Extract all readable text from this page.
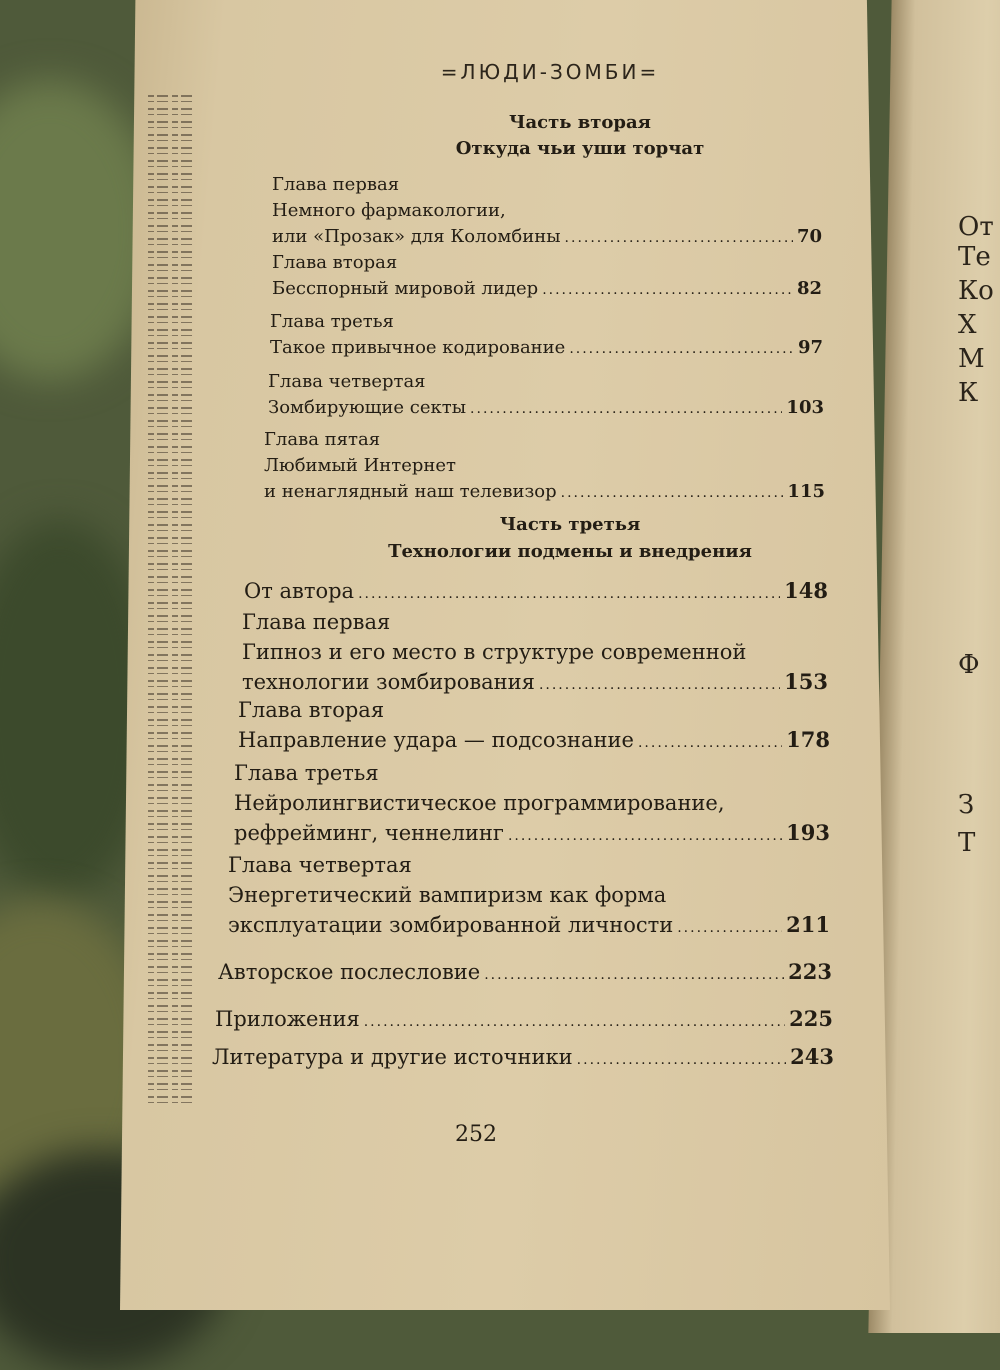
От
Те
Ко
Х
М
К
Ф
З
Т
=ЛЮДИ-ЗОМБИ=
Часть вторая
Откуда чьи уши торчат
Глава первая
Немного фармакологии,
или «Прозак» для Коломбины .....	70
Глава вторая
Бесспорный мировой лидер .....	82
Глава третья
Такое привычное кодирование .....	97
Глава четвертая
Зомбирующие секты .....	103
Глава пятая
Любимый Интернет
и ненаглядный наш телевизор .....	115
Часть третья
Технологии подмены и внедрения
От автора .....	148
Глава первая
Гипноз и его место в структуре современной
технологии зомбирования .....	153
Глава вторая
Направление удара — подсознание .....	178
Глава третья
Нейролингвистическое программирование,
рефрейминг, ченнелинг .....	193
Глава четвертая
Энергетический вампиризм как форма
эксплуатации зомбированной личности .....	211
Авторское послесловие .....	223
Приложения .....	225
Литература и другие источники .....	243
252
